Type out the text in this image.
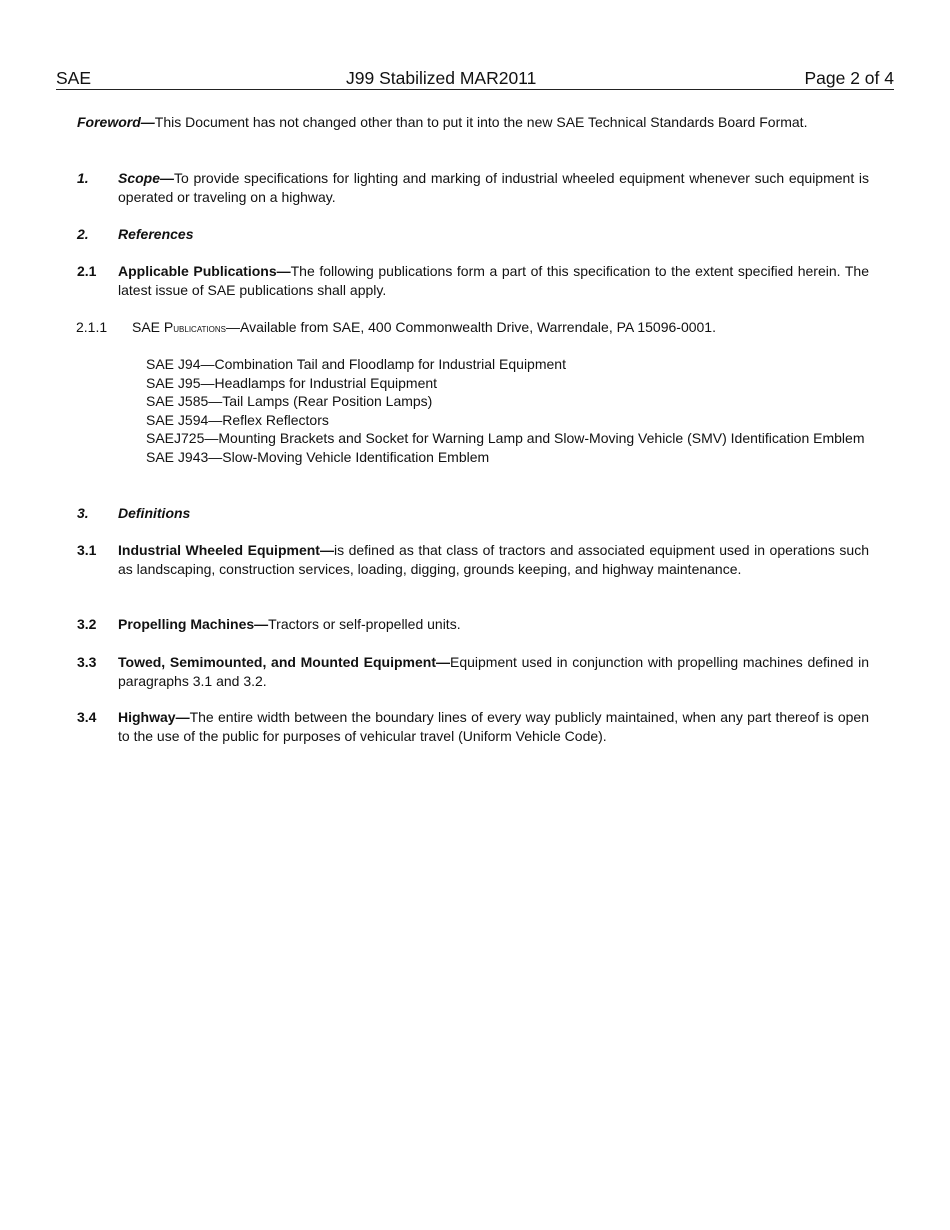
SAE	J99 Stabilized MAR2011	Page 2 of 4
Foreword—This Document has not changed other than to put it into the new SAE Technical Standards Board Format.
1. Scope—To provide specifications for lighting and marking of industrial wheeled equipment whenever such equipment is operated or traveling on a highway.
2. References
2.1 Applicable Publications—The following publications form a part of this specification to the extent specified herein. The latest issue of SAE publications shall apply.
2.1.1 SAE Publications—Available from SAE, 400 Commonwealth Drive, Warrendale, PA 15096-0001.
SAE J94—Combination Tail and Floodlamp for Industrial Equipment
SAE J95—Headlamps for Industrial Equipment
SAE J585—Tail Lamps (Rear Position Lamps)
SAE J594—Reflex Reflectors
SAEJ725—Mounting Brackets and Socket for Warning Lamp and Slow-Moving Vehicle (SMV) Identification Emblem
SAE J943—Slow-Moving Vehicle Identification Emblem
3. Definitions
3.1 Industrial Wheeled Equipment—is defined as that class of tractors and associated equipment used in operations such as landscaping, construction services, loading, digging, grounds keeping, and highway maintenance.
3.2 Propelling Machines—Tractors or self-propelled units.
3.3 Towed, Semimounted, and Mounted Equipment—Equipment used in conjunction with propelling machines defined in paragraphs 3.1 and 3.2.
3.4 Highway—The entire width between the boundary lines of every way publicly maintained, when any part thereof is open to the use of the public for purposes of vehicular travel (Uniform Vehicle Code).
